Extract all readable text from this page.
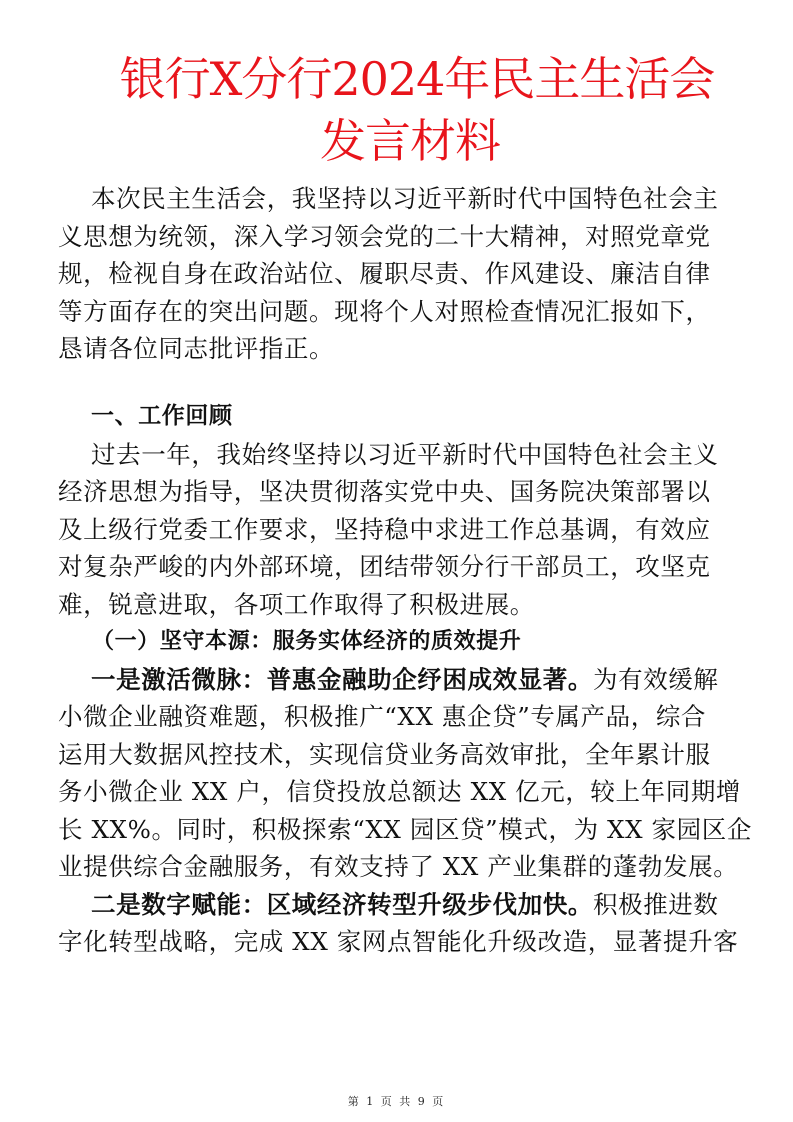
银行X分行2024年民主生活会
发言材料
本次民主生活会，我坚持以习近平新时代中国特色社会主
义思想为统领，深入学习领会党的二十大精神，对照党章党
规，检视自身在政治站位、履职尽责、作风建设、廉洁自律
等方面存在的突出问题。现将个人对照检查情况汇报如下，
恳请各位同志批评指正。
一、工作回顾
过去一年，我始终坚持以习近平新时代中国特色社会主义
经济思想为指导，坚决贯彻落实党中央、国务院决策部署以
及上级行党委工作要求，坚持稳中求进工作总基调，有效应
对复杂严峻的内外部环境，团结带领分行干部员工，攻坚克
难，锐意进取，各项工作取得了积极进展。
（一）坚守本源：服务实体经济的质效提升
一是激活微脉：普惠金融助企纾困成效显著。为有效缓解
小微企业融资难题，积极推广“XX 惠企贷”专属产品，综合
运用大数据风控技术，实现信贷业务高效审批，全年累计服
务小微企业 XX 户，信贷投放总额达 XX 亿元，较上年同期增
长 XX%。同时，积极探索“XX 园区贷”模式，为 XX 家园区企
业提供综合金融服务，有效支持了 XX 产业集群的蓬勃发展。
二是数字赋能：区域经济转型升级步伐加快。积极推进数
字化转型战略，完成 XX 家网点智能化升级改造，显著提升客
第 1 页 共 9 页
